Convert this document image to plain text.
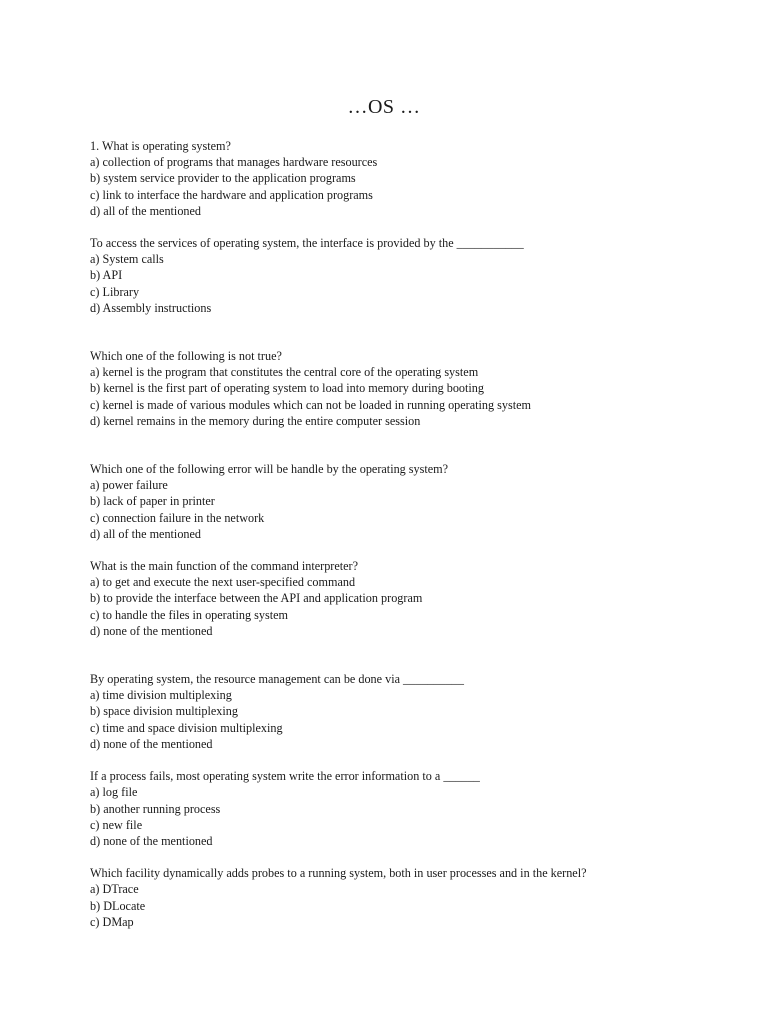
…OS …
1. What is operating system?
a) collection of programs that manages hardware resources
b) system service provider to the application programs
c) link to interface the hardware and application programs
d) all of the mentioned
To access the services of operating system, the interface is provided by the ___________
a) System calls
b) API
c) Library
d) Assembly instructions
Which one of the following is not true?
a) kernel is the program that constitutes the central core of the operating system
b) kernel is the first part of operating system to load into memory during booting
c) kernel is made of various modules which can not be loaded in running operating system
d) kernel remains in the memory during the entire computer session
Which one of the following error will be handle by the operating system?
a) power failure
b) lack of paper in printer
c) connection failure in the network
d) all of the mentioned
What is the main function of the command interpreter?
a) to get and execute the next user-specified command
b) to provide the interface between the API and application program
c) to handle the files in operating system
d) none of the mentioned
By operating system, the resource management can be done via __________
a) time division multiplexing
b) space division multiplexing
c) time and space division multiplexing
d) none of the mentioned
If a process fails, most operating system write the error information to a ______
a) log file
b) another running process
c) new file
d) none of the mentioned
Which facility dynamically adds probes to a running system, both in user processes and in the kernel?
a) DTrace
b) DLocate
c) DMap
